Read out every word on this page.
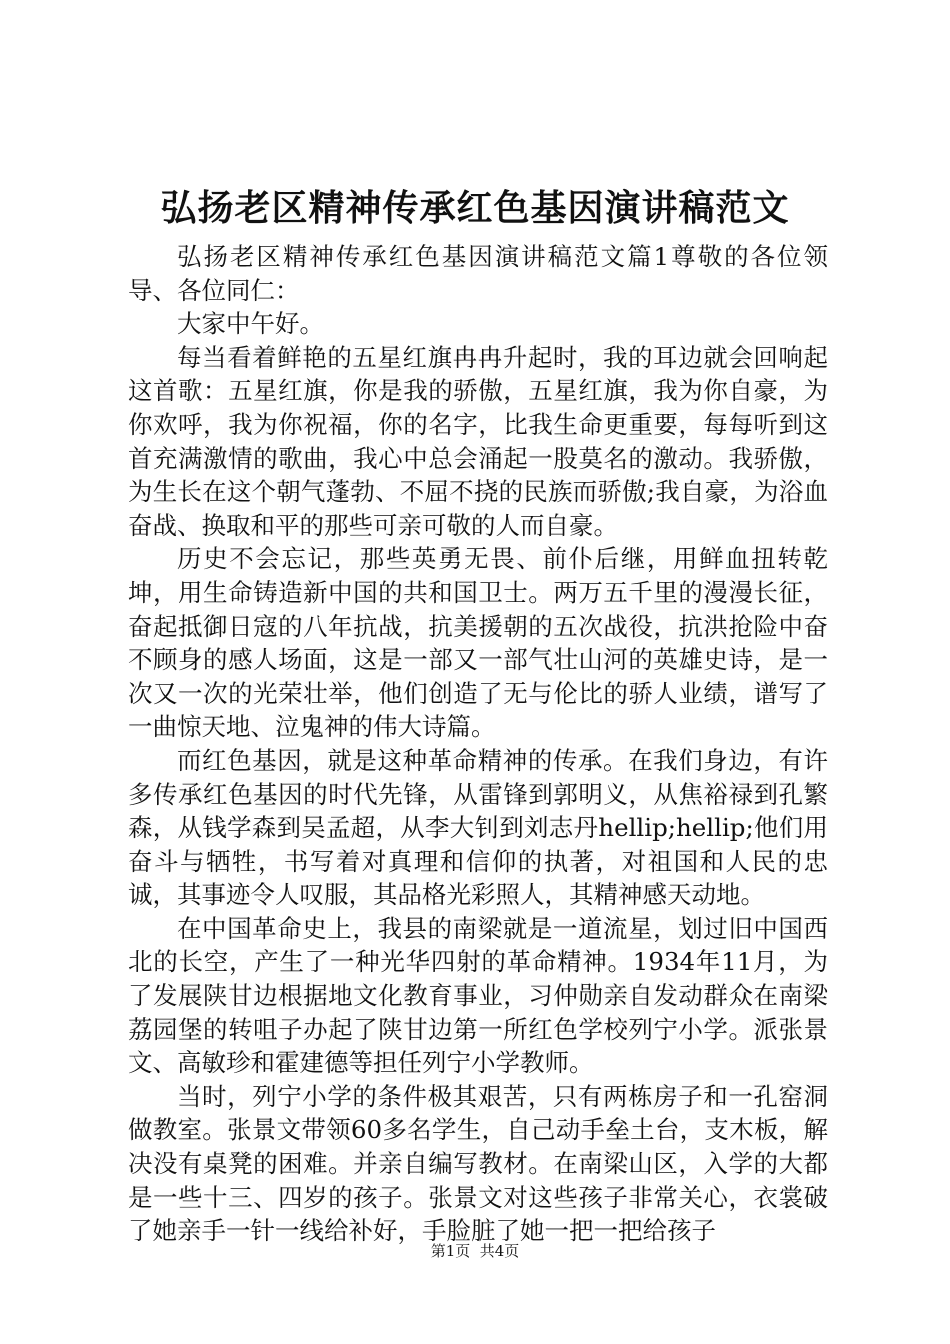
弘扬老区精神传承红色基因演讲稿范文

弘扬老区精神传承红色基因演讲稿范文篇1尊敬的各位领导、各位同仁：

大家中午好。

每当看着鲜艳的五星红旗冉冉升起时，我的耳边就会回响起这首歌：五星红旗，你是我的骄傲，五星红旗，我为你自豪，为你欢呼，我为你祝福，你的名字，比我生命更重要，每每听到这首充满激情的歌曲，我心中总会涌起一股莫名的激动。我骄傲，为生长在这个朝气蓬勃、不屈不挠的民族而骄傲;我自豪，为浴血奋战、换取和平的那些可亲可敬的人而自豪。

历史不会忘记，那些英勇无畏、前仆后继，用鲜血扭转乾坤，用生命铸造新中国的共和国卫士。两万五千里的漫漫长征，奋起抵御日寇的八年抗战，抗美援朝的五次战役，抗洪抢险中奋不顾身的感人场面，这是一部又一部气壮山河的英雄史诗，是一次又一次的光荣壮举，他们创造了无与伦比的骄人业绩，谱写了一曲惊天地、泣鬼神的伟大诗篇。

而红色基因，就是这种革命精神的传承。在我们身边，有许多传承红色基因的时代先锋，从雷锋到郭明义，从焦裕禄到孔繁森，从钱学森到吴孟超，从李大钊到刘志丹hellip;hellip;他们用奋斗与牺牲，书写着对真理和信仰的执著，对祖国和人民的忠诚，其事迹令人叹服，其品格光彩照人，其精神感天动地。

在中国革命史上，我县的南梁就是一道流星，划过旧中国西北的长空，产生了一种光华四射的革命精神。1934年11月，为了发展陕甘边根据地文化教育事业，习仲勋亲自发动群众在南梁荔园堡的转咀子办起了陕甘边第一所红色学校列宁小学。派张景文、高敏珍和霍建德等担任列宁小学教师。

当时，列宁小学的条件极其艰苦，只有两栋房子和一孔窑洞做教室。张景文带领60多名学生，自己动手垒土台，支木板，解决没有桌凳的困难。并亲自编写教材。在南梁山区，入学的大都是一些十三、四岁的孩子。张景文对这些孩子非常关心，衣裳破了她亲手一针一线给补好，手脸脏了她一把一把给孩子

第1页  共4页
